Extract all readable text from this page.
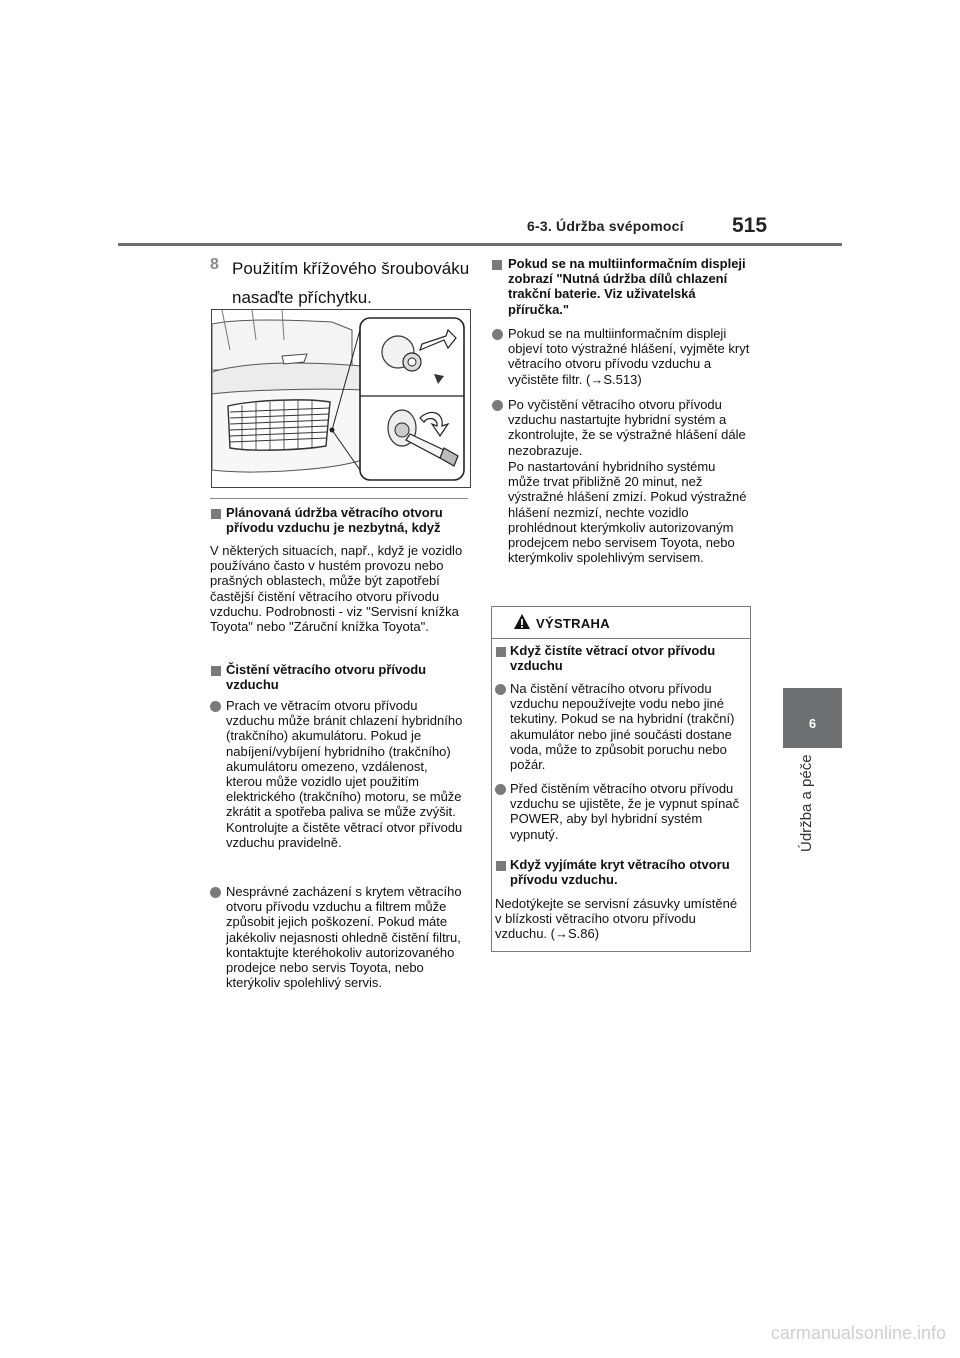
6-3. Údržba svépomocí 515
6
Údržba a péče
8 Použitím křížového šroubováku nasaďte příchytku.
Plánovaná údržba větracího otvoru přívodu vzduchu je nezbytná, když
V některých situacích, např., když je vozidlo používáno často v hustém provozu nebo prašných oblastech, může být zapotřebí častější čistění větracího otvoru přívodu vzduchu. Podrobnosti - viz "Servisní knížka Toyota" nebo "Záruční knížka Toyota".
Čistění větracího otvoru přívodu vzduchu
Prach ve větracím otvoru přívodu vzduchu může bránit chlazení hybridního (trakčního) akumulátoru. Pokud je nabíjení/vybíjení hybridního (trakčního) akumulátoru omezeno, vzdálenost, kterou může vozidlo ujet použitím elektrického (trakčního) motoru, se může zkrátit a spotřeba paliva se může zvýšit. Kontrolujte a čistěte větrací otvor přívodu vzduchu pravidelně.
Nesprávné zacházení s krytem větracího otvoru přívodu vzduchu a filtrem může způsobit jejich poškození. Pokud máte jakékoliv nejasnosti ohledně čistění filtru, kontaktujte kteréhokoliv autorizovaného prodejce nebo servis Toyota, nebo kterýkoliv spolehlivý servis.
Pokud se na multiinformačním displeji zobrazí "Nutná údržba dílů chlazení trakční baterie. Viz uživatelská příručka."
Pokud se na multiinformačním displeji objeví toto výstražné hlášení, vyjměte kryt větracího otvoru přívodu vzduchu a vyčistěte filtr. (→S.513)
Po vyčistění větracího otvoru přívodu vzduchu nastartujte hybridní systém a zkontrolujte, že se výstražné hlášení dále nezobrazuje.
Po nastartování hybridního systému může trvat přibližně 20 minut, než výstražné hlášení zmizí. Pokud výstražné hlášení nezmizí, nechte vozidlo prohlédnout kterýmkoliv autorizovaným prodejcem nebo servisem Toyota, nebo kterýmkoliv spolehlivým servisem.
VÝSTRAHA
Když čistíte větrací otvor přívodu vzduchu
Na čistění větracího otvoru přívodu vzduchu nepoužívejte vodu nebo jiné tekutiny. Pokud se na hybridní (trakční) akumulátor nebo jiné součásti dostane voda, může to způsobit poruchu nebo požár.
Před čistěním větracího otvoru přívodu vzduchu se ujistěte, že je vypnut spínač POWER, aby byl hybridní systém vypnutý.
Když vyjímáte kryt větracího otvoru přívodu vzduchu.
Nedotýkejte se servisní zásuvky umístěné v blízkosti větracího otvoru přívodu vzduchu. (→S.86)
carmanualsonline.info
